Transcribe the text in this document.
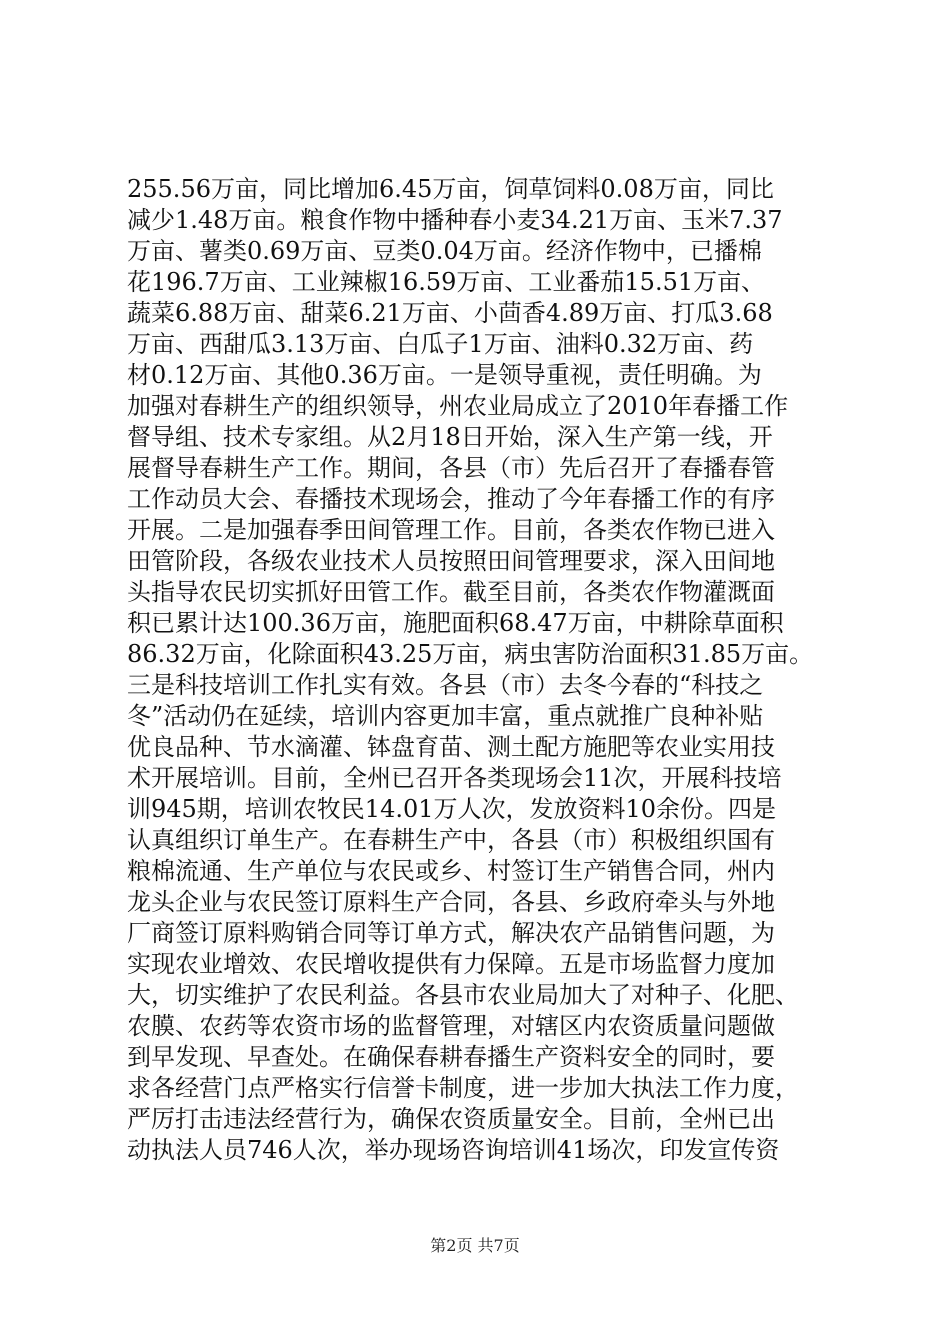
255.56万亩，同比增加6.45万亩，饲草饲料0.08万亩，同比
减少1.48万亩。粮食作物中播种春小麦34.21万亩、玉米7.37
万亩、薯类0.69万亩、豆类0.04万亩。经济作物中，已播棉
花196.7万亩、工业辣椒16.59万亩、工业番茄15.51万亩、
蔬菜6.88万亩、甜菜6.21万亩、小茴香4.89万亩、打瓜3.68
万亩、西甜瓜3.13万亩、白瓜子1万亩、油料0.32万亩、药
材0.12万亩、其他0.36万亩。一是领导重视，责任明确。为
加强对春耕生产的组织领导，州农业局成立了2010年春播工作
督导组、技术专家组。从2月18日开始，深入生产第一线，开
展督导春耕生产工作。期间，各县（市）先后召开了春播春管
工作动员大会、春播技术现场会，推动了今年春播工作的有序
开展。二是加强春季田间管理工作。目前，各类农作物已进入
田管阶段，各级农业技术人员按照田间管理要求，深入田间地
头指导农民切实抓好田管工作。截至目前，各类农作物灌溉面
积已累计达100.36万亩，施肥面积68.47万亩，中耕除草面积
86.32万亩，化除面积43.25万亩，病虫害防治面积31.85万亩。
三是科技培训工作扎实有效。各县（市）去冬今春的“科技之
冬”活动仍在延续，培训内容更加丰富，重点就推广良种补贴
优良品种、节水滴灌、钵盘育苗、测土配方施肥等农业实用技
术开展培训。目前，全州已召开各类现场会11次，开展科技培
训945期，培训农牧民14.01万人次，发放资料10余份。四是
认真组织订单生产。在春耕生产中，各县（市）积极组织国有
粮棉流通、生产单位与农民或乡、村签订生产销售合同，州内
龙头企业与农民签订原料生产合同，各县、乡政府牵头与外地
厂商签订原料购销合同等订单方式，解决农产品销售问题，为
实现农业增效、农民增收提供有力保障。五是市场监督力度加
大，切实维护了农民利益。各县市农业局加大了对种子、化肥、
农膜、农药等农资市场的监督管理，对辖区内农资质量问题做
到早发现、早查处。在确保春耕春播生产资料安全的同时，要
求各经营门点严格实行信誉卡制度，进一步加大执法工作力度，
严厉打击违法经营行为，确保农资质量安全。目前，全州已出
动执法人员746人次，举办现场咨询培训41场次，印发宣传资
第2页 共7页
